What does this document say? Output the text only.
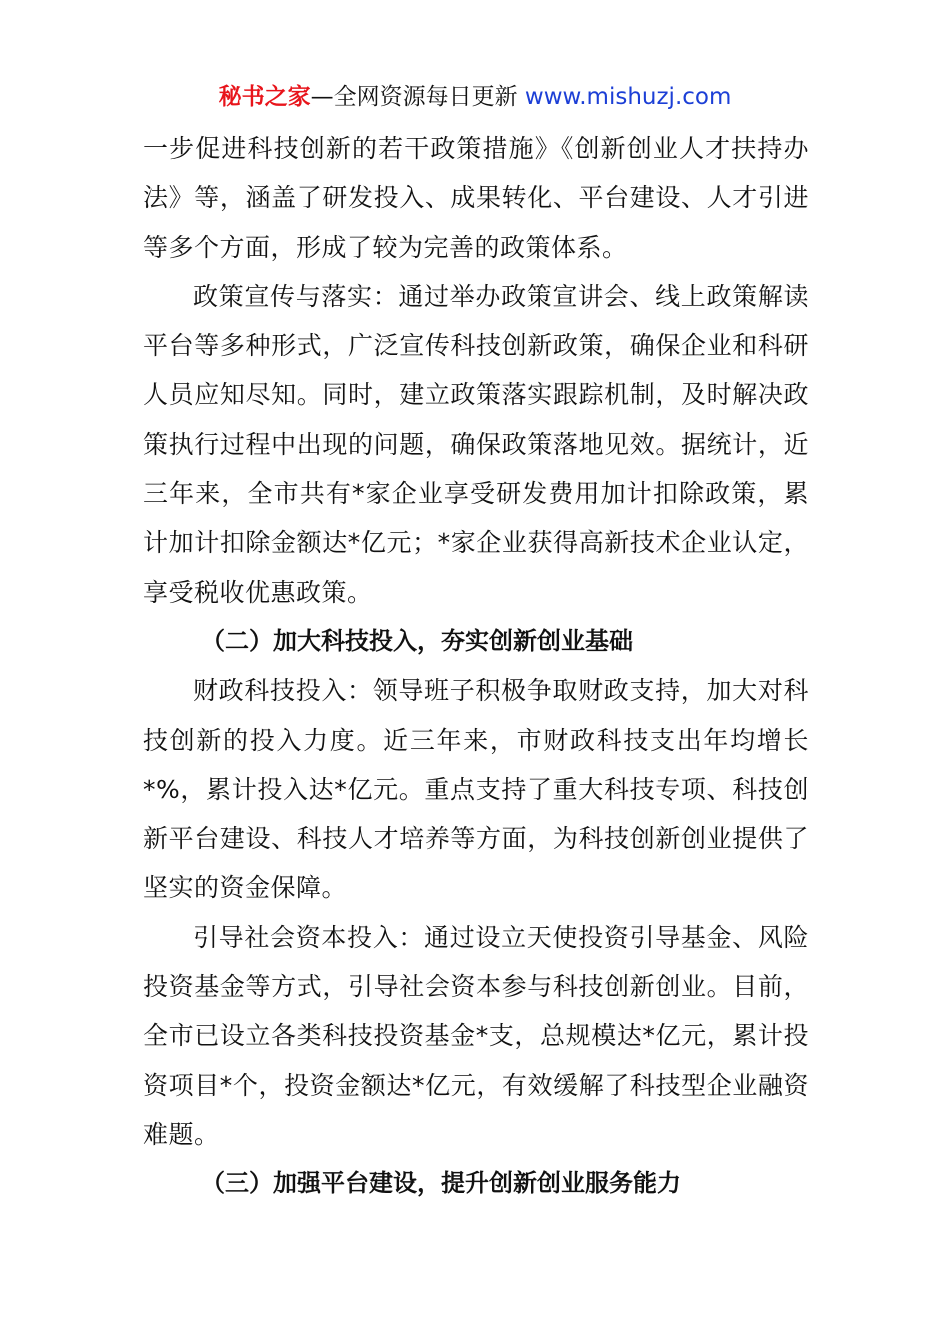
秘书之家—全网资源每日更新 www.mishuzj.com

一步促进科技创新的若干政策措施》《创新创业人才扶持办法》等，涵盖了研发投入、成果转化、平台建设、人才引进等多个方面，形成了较为完善的政策体系。

政策宣传与落实：通过举办政策宣讲会、线上政策解读平台等多种形式，广泛宣传科技创新政策，确保企业和科研人员应知尽知。同时，建立政策落实跟踪机制，及时解决政策执行过程中出现的问题，确保政策落地见效。据统计，近三年来，全市共有*家企业享受研发费用加计扣除政策，累计加计扣除金额达*亿元；*家企业获得高新技术企业认定，享受税收优惠政策。

（二）加大科技投入，夯实创新创业基础

财政科技投入：领导班子积极争取财政支持，加大对科技创新的投入力度。近三年来，市财政科技支出年均增长*%，累计投入达*亿元。重点支持了重大科技专项、科技创新平台建设、科技人才培养等方面，为科技创新创业提供了坚实的资金保障。

引导社会资本投入：通过设立天使投资引导基金、风险投资基金等方式，引导社会资本参与科技创新创业。目前，全市已设立各类科技投资基金*支，总规模达*亿元，累计投资项目*个，投资金额达*亿元，有效缓解了科技型企业融资难题。

（三）加强平台建设，提升创新创业服务能力
